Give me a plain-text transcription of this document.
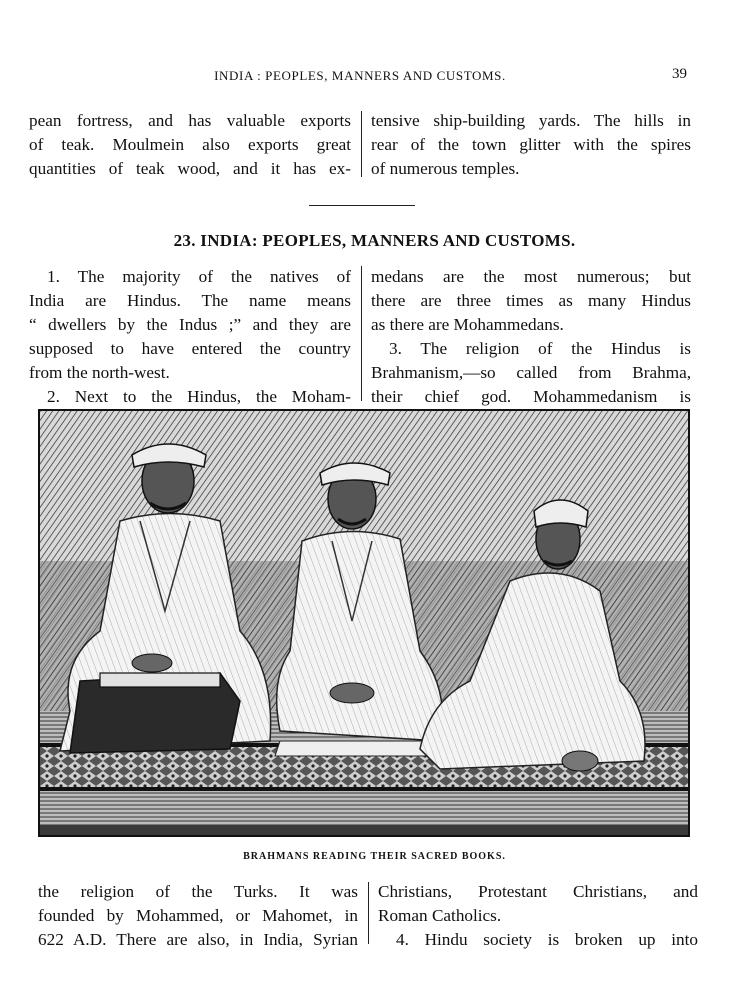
INDIA : PEOPLES, MANNERS AND CUSTOMS.	39
pean fortress, and has valuable exports
of teak. Moulmein also exports great
quantities of teak wood, and it has ex-
tensive ship-building yards. The hills in
rear of the town glitter with the spires
of numerous temples.
23. INDIA: PEOPLES, MANNERS AND CUSTOMS.
1. The majority of the natives of
India are Hindus. The name means
“ dwellers by the Indus ;” and they are
supposed to have entered the country
from the north-west.
2. Next to the Hindus, the Moham-
medans are the most numerous; but
there are three times as many Hindus
as there are Mohammedans.
3. The religion of the Hindus is
Brahmanism,—so called from Brahma,
their chief god. Mohammedanism is
BRAHMANS READING THEIR SACRED BOOKS.
the religion of the Turks. It was
founded by Mohammed, or Mahomet, in
622 A.D. There are also, in India, Syrian
Christians, Protestant Christians, and
Roman Catholics.
4. Hindu society is broken up into
